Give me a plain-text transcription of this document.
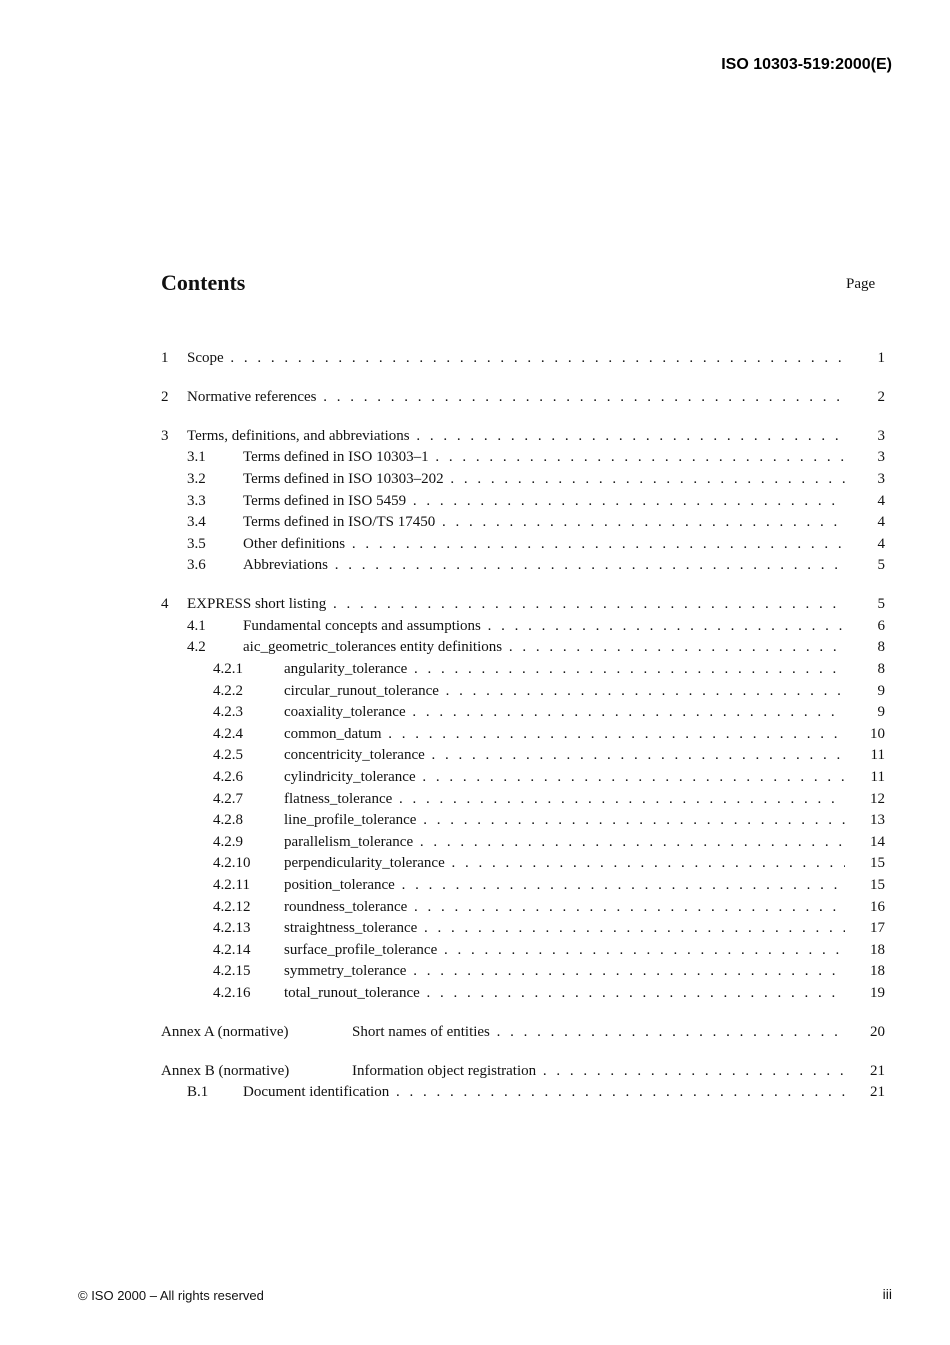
ISO 10303-519:2000(E)
Contents	Page
1 Scope . . .	1
2 Normative references . . .	2
3 Terms, definitions, and abbreviations . . .	3
3.1 Terms defined in ISO 10303–1 . . .	3
3.2 Terms defined in ISO 10303–202 . . .	3
3.3 Terms defined in ISO 5459 . . .	4
3.4 Terms defined in ISO/TS 17450 . . .	4
3.5 Other definitions . . .	4
3.6 Abbreviations . . .	5
4 EXPRESS short listing . . .	5
4.1 Fundamental concepts and assumptions . . .	6
4.2 aic_geometric_tolerances entity definitions . . .	8
4.2.1	angularity_tolerance . . .	8
4.2.2	circular_runout_tolerance . . .	9
4.2.3	coaxiality_tolerance . . .	9
4.2.4	common_datum . . .	10
4.2.5	concentricity_tolerance . . .	11
4.2.6	cylindricity_tolerance . . .	11
4.2.7	flatness_tolerance . . .	12
4.2.8	line_profile_tolerance . . .	13
4.2.9	parallelism_tolerance . . .	14
4.2.10 perpendicularity_tolerance . . .	15
4.2.11 position_tolerance . . .	15
4.2.12 roundness_tolerance . . .	16
4.2.13 straightness_tolerance . . .	17
4.2.14 surface_profile_tolerance . . .	18
4.2.15 symmetry_tolerance . . .	18
4.2.16 total_runout_tolerance . . .	19
Annex A (normative)	Short names of entities . . .	20
Annex B (normative)	Information object registration . . .	21
B.1 Document identification . . .	21
© ISO 2000 – All rights reserved	iii
